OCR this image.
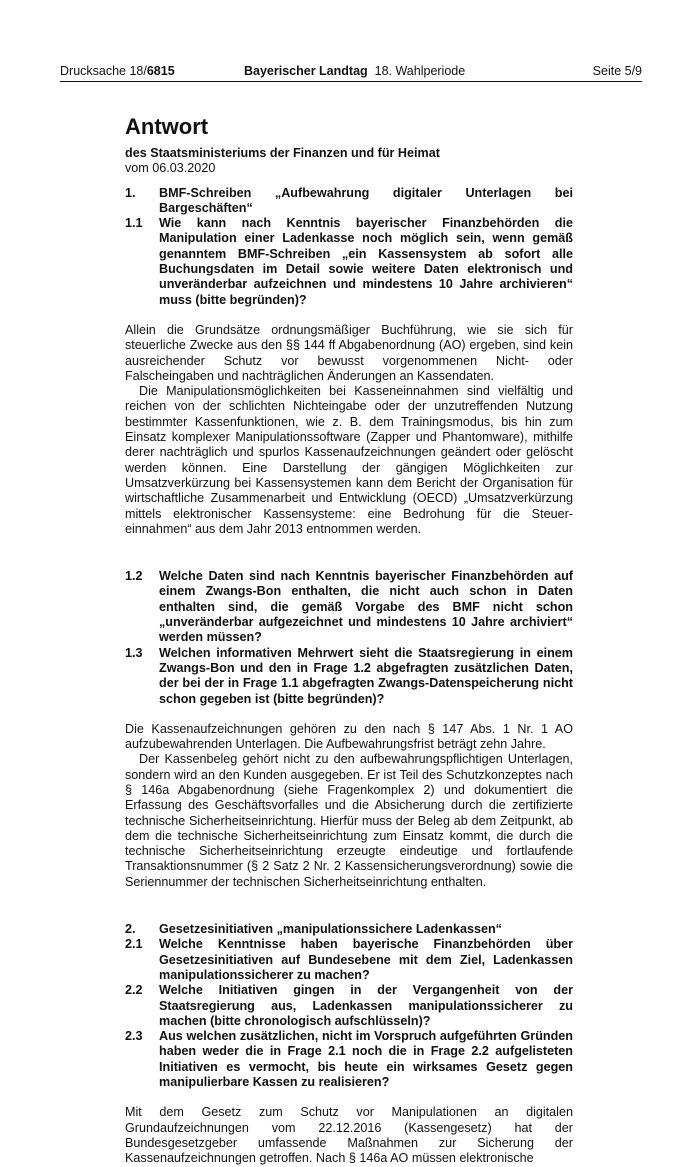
Drucksache 18/6815	Bayerischer Landtag 18. Wahlperiode	Seite 5/9
Antwort
des Staatsministeriums der Finanzen und für Heimat
vom 06.03.2020
1. BMF-Schreiben „Aufbewahrung digitaler Unterlagen bei Bargeschäften“
1.1 Wie kann nach Kenntnis bayerischer Finanzbehörden die Manipulation einer Ladenkasse noch möglich sein, wenn gemäß genanntem BMF-Schreiben „ein Kassensystem ab sofort alle Buchungsdaten im Detail sowie weitere Daten elektronisch und unveränderbar aufzeichnen und mindestens 10 Jahre archivieren“ muss (bitte begründen)?
Allein die Grundsätze ordnungsmäßiger Buchführung, wie sie sich für steuerliche Zwecke aus den §§ 144 ff Abgabenordnung (AO) ergeben, sind kein ausreichender Schutz vor bewusst vorgenommenen Nicht- oder Falscheingaben und nachträglichen Änderungen an Kassendaten.
Die Manipulationsmöglichkeiten bei Kasseneinnahmen sind vielfältig und reichen von der schlichten Nichteingabe oder der unzutreffenden Nutzung bestimmter Kassenfunktionen, wie z. B. dem Trainingsmodus, bis hin zum Einsatz komplexer Manipulationssoftware (Zapper und Phantomware), mithilfe derer nachträglich und spurlos Kassenaufzeichnungen geändert oder gelöscht werden können. Eine Darstellung der gängigen Möglichkeiten zur Umsatzverkürzung bei Kassensystemen kann dem Bericht der Organisation für wirtschaftliche Zusammenarbeit und Entwicklung (OECD) „Umsatzverkürzung mittels elektronischer Kassensysteme: eine Bedrohung für die Steuereinnahmen“ aus dem Jahr 2013 entnommen werden.
1.2 Welche Daten sind nach Kenntnis bayerischer Finanzbehörden auf einem Zwangs-Bon enthalten, die nicht auch schon in Daten enthalten sind, die gemäß Vorgabe des BMF nicht schon „unveränderbar aufgezeichnet und mindestens 10 Jahre archiviert“ werden müssen?
1.3 Welchen informativen Mehrwert sieht die Staatsregierung in einem Zwangs-Bon und den in Frage 1.2 abgefragten zusätzlichen Daten, der bei der in Frage 1.1 abgefragten Zwangs-Datenspeicherung nicht schon gegeben ist (bitte begründen)?
Die Kassenaufzeichnungen gehören zu den nach § 147 Abs. 1 Nr. 1 AO aufzubewahrenden Unterlagen. Die Aufbewahrungsfrist beträgt zehn Jahre.
Der Kassenbeleg gehört nicht zu den aufbewahrungspflichtigen Unterlagen, sondern wird an den Kunden ausgegeben. Er ist Teil des Schutzkonzeptes nach § 146a Abgabenordnung (siehe Fragenkomplex 2) und dokumentiert die Erfassung des Geschäftsvorfalles und die Absicherung durch die zertifizierte technische Sicherheitseinrichtung. Hierfür muss der Beleg ab dem Zeitpunkt, ab dem die technische Sicherheitseinrichtung zum Einsatz kommt, die durch die technische Sicherheitseinrichtung erzeugte eindeutige und fortlaufende Transaktionsnummer (§ 2 Satz 2 Nr. 2 Kassensicherungsverordnung) sowie die Seriennummer der technischen Sicherheitseinrichtung enthalten.
2. Gesetzesinitiativen „manipulationssichere Ladenkassen“
2.1 Welche Kenntnisse haben bayerische Finanzbehörden über Gesetzesinitiativen auf Bundesebene mit dem Ziel, Ladenkassen manipulationssicherer zu machen?
2.2 Welche Initiativen gingen in der Vergangenheit von der Staatsregierung aus, Ladenkassen manipulationssicherer zu machen (bitte chronologisch aufschlüsseln)?
2.3 Aus welchen zusätzlichen, nicht im Vorspruch aufgeführten Gründen haben weder die in Frage 2.1 noch die in Frage 2.2 aufgelisteten Initiativen es vermocht, bis heute ein wirksames Gesetz gegen manipulierbare Kassen zu realisieren?
Mit dem Gesetz zum Schutz vor Manipulationen an digitalen Grundaufzeichnungen vom 22.12.2016 (Kassengesetz) hat der Bundesgesetzgeber umfassende Maßnahmen zur Sicherung der Kassenaufzeichnungen getroffen. Nach § 146a AO müssen elektronische
